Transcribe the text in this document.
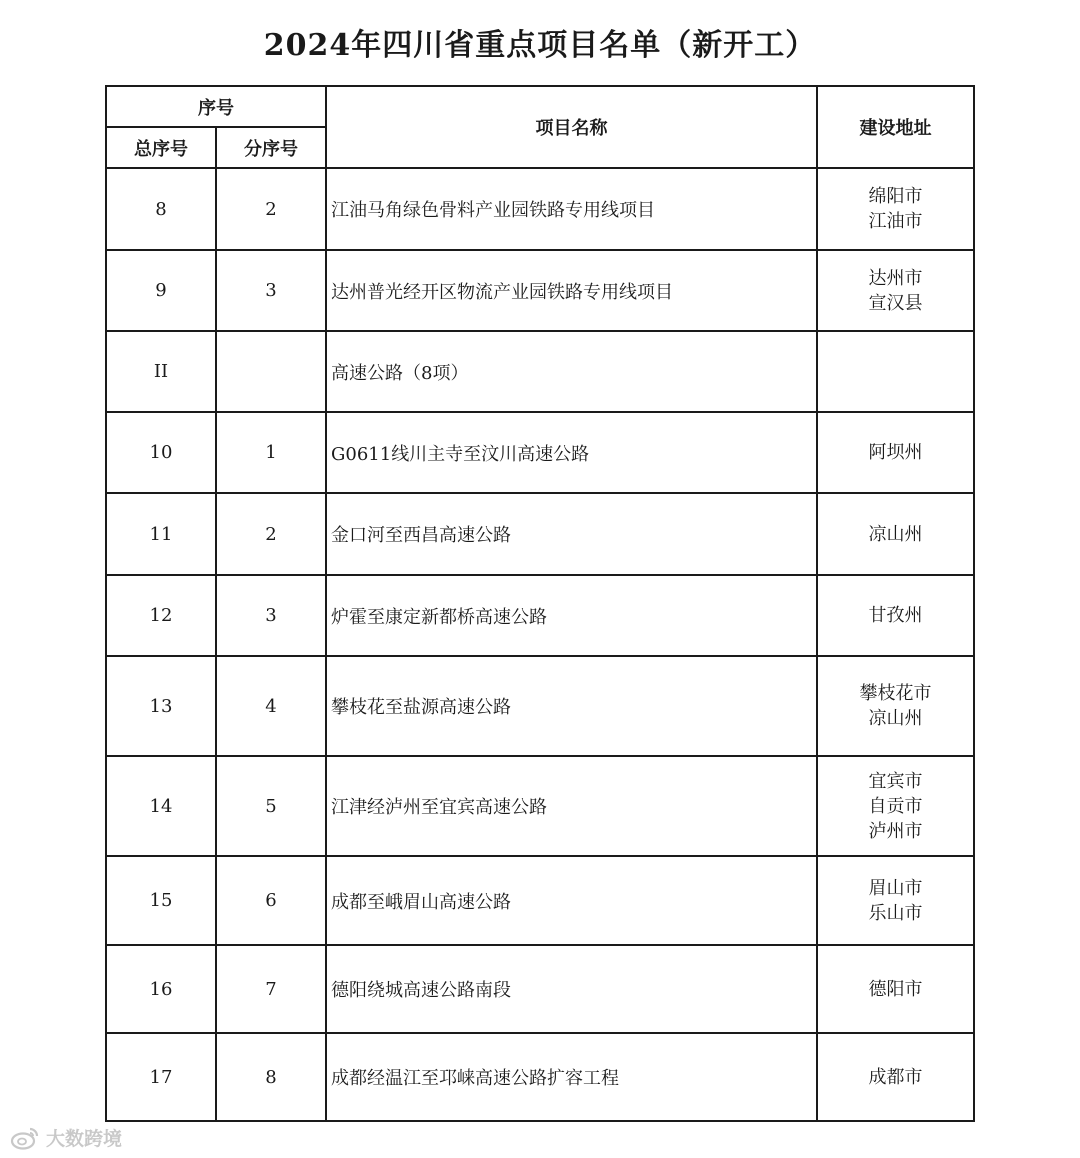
2024年四川省重点项目名单（新开工）
序号		项目名称	建设地址
总序号	分序号		
8	2	江油马角绿色骨料产业园铁路专用线项目	绵阳市
江油市

9	3	达州普光经开区物流产业园铁路专用线项目	达州市
宣汉县

II		高速公路（8项）	
10	1	G0611线川主寺至汶川高速公路	阿坝州

11	2	金口河至西昌高速公路	凉山州

12	3	炉霍至康定新都桥高速公路	甘孜州

13	4	攀枝花至盐源高速公路	攀枝花市
凉山州

14	5	江津经泸州至宜宾高速公路	宜宾市
自贡市
泸州市

15	6	成都至峨眉山高速公路	眉山市
乐山市

16	7	德阳绕城高速公路南段	德阳市

17	8	成都经温江至邛崃高速公路扩容工程	成都市
大数跨境
